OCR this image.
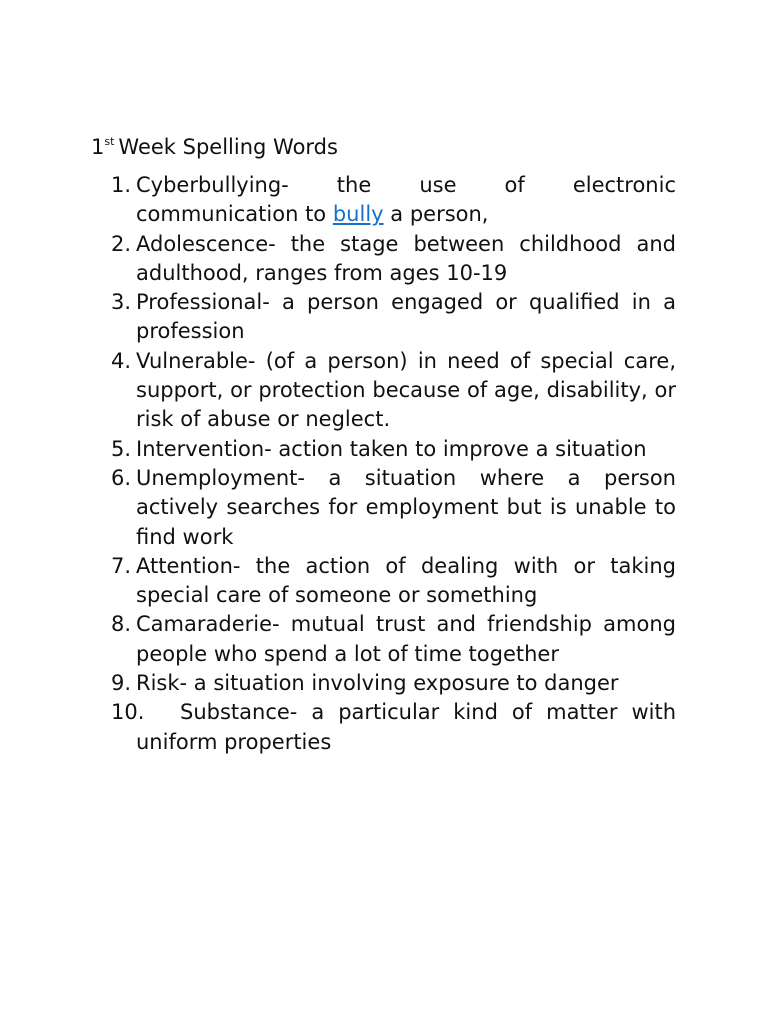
1st Week Spelling Words
1. Cyberbullying- the use of electronic communication to bully a person,
2. Adolescence- the stage between childhood and adulthood, ranges from ages 10-19
3. Professional- a person engaged or qualified in a profession
4. Vulnerable- (of a person) in need of special care, support, or protection because of age, disability, or risk of abuse or neglect.
5. Intervention- action taken to improve a situation
6. Unemployment- a situation where a person actively searches for employment but is unable to find work
7. Attention- the action of dealing with or taking special care of someone or something
8. Camaraderie- mutual trust and friendship among people who spend a lot of time together
9. Risk- a situation involving exposure to danger
10. Substance- a particular kind of matter with uniform properties
